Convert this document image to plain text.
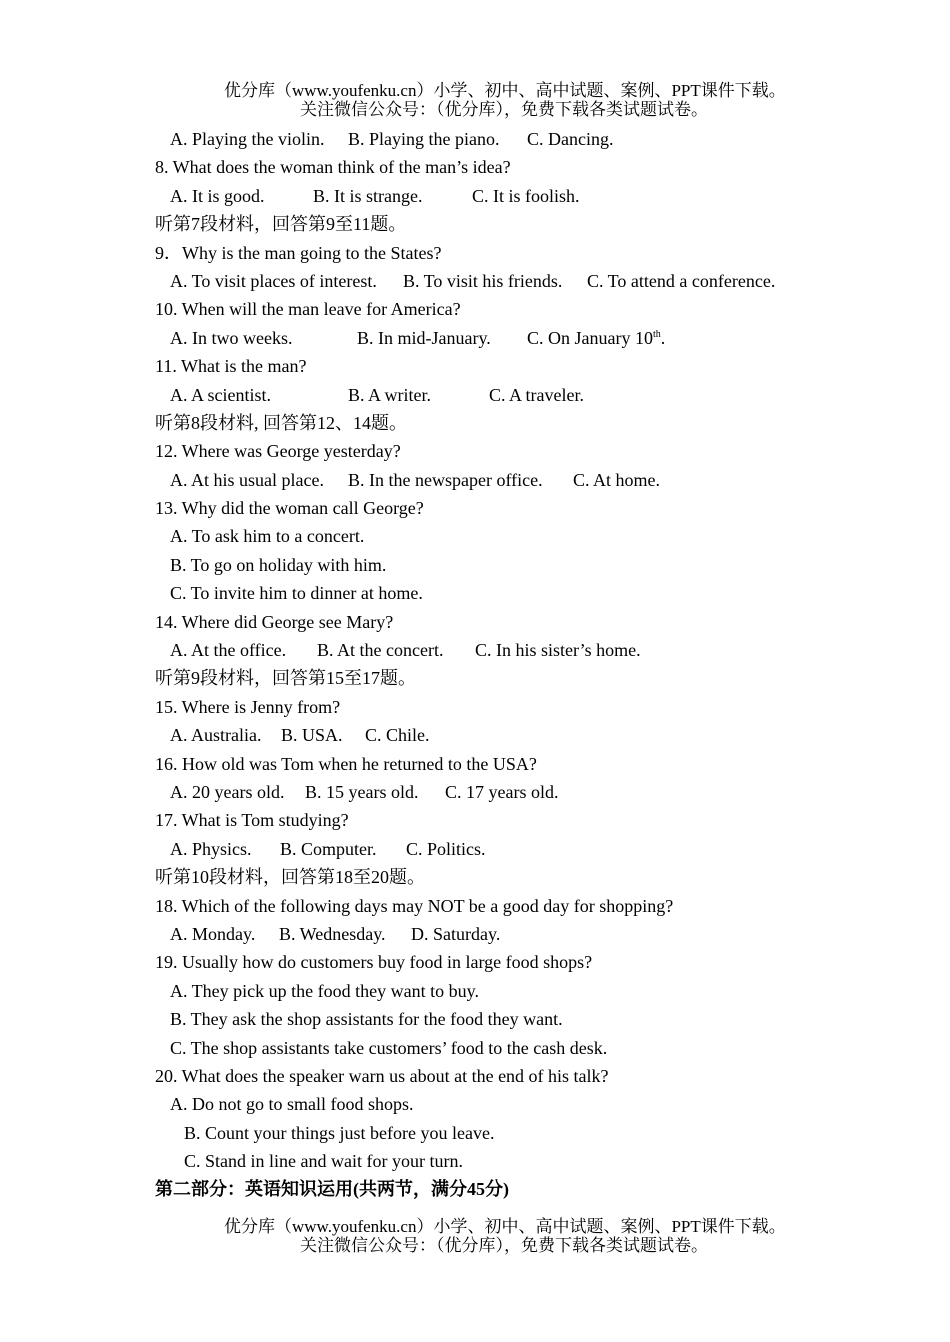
优分库（www.youfenku.cn）小学、初中、高中试题、案例、PPT课件下载。
关注微信公众号：（优分库），免费下载各类试题试卷。
A. Playing the violin. B. Playing the piano. C. Dancing.
8. What does the woman think of the man’s idea?
A. It is good.	B. It is strange.	C. It is foolish.
听第7段材料，回答第9至11题。
9．Why is the man going to the States?
A. To visit places of interest. B. To visit his friends. C. To attend a conference.
10. When will the man leave for America?
A. In two weeks.	B. In mid-January. C. On January 10th.
11. What is the man?
A. A scientist.	B. A writer.	C. A traveler.
听第8段材料, 回答第12、14题。
12. Where was George yesterday?
A. At his usual place. B. In the newspaper office. C. At home.
13. Why did the woman call George?
A. To ask him to a concert.
B. To go on holiday with him.
C. To invite him to dinner at home.
14. Where did George see Mary?
A. At the office. B. At the concert. C. In his sister’s home.
听第9段材料，回答第15至17题。
15. Where is Jenny from?
A. Australia. B. USA. C. Chile.
16. How old was Tom when he returned to the USA?
A. 20 years old. B. 15 years old. C. 17 years old.
17. What is Tom studying?
A. Physics. B. Computer. C. Politics.
听第10段材料，回答第18至20题。
18. Which of the following days may NOT be a good day for shopping?
A. Monday. B. Wednesday. D. Saturday.
19. Usually how do customers buy food in large food shops?
A. They pick up the food they want to buy.
B. They ask the shop assistants for the food they want.
C. The shop assistants take customers’ food to the cash desk.
20. What does the speaker warn us about at the end of his talk?
A. Do not go to small food shops.
B. Count your things just before you leave.
C. Stand in line and wait for your turn.
第二部分：英语知识运用(共两节，满分45分)
优分库（www.youfenku.cn）小学、初中、高中试题、案例、PPT课件下载。
关注微信公众号：（优分库），免费下载各类试题试卷。
